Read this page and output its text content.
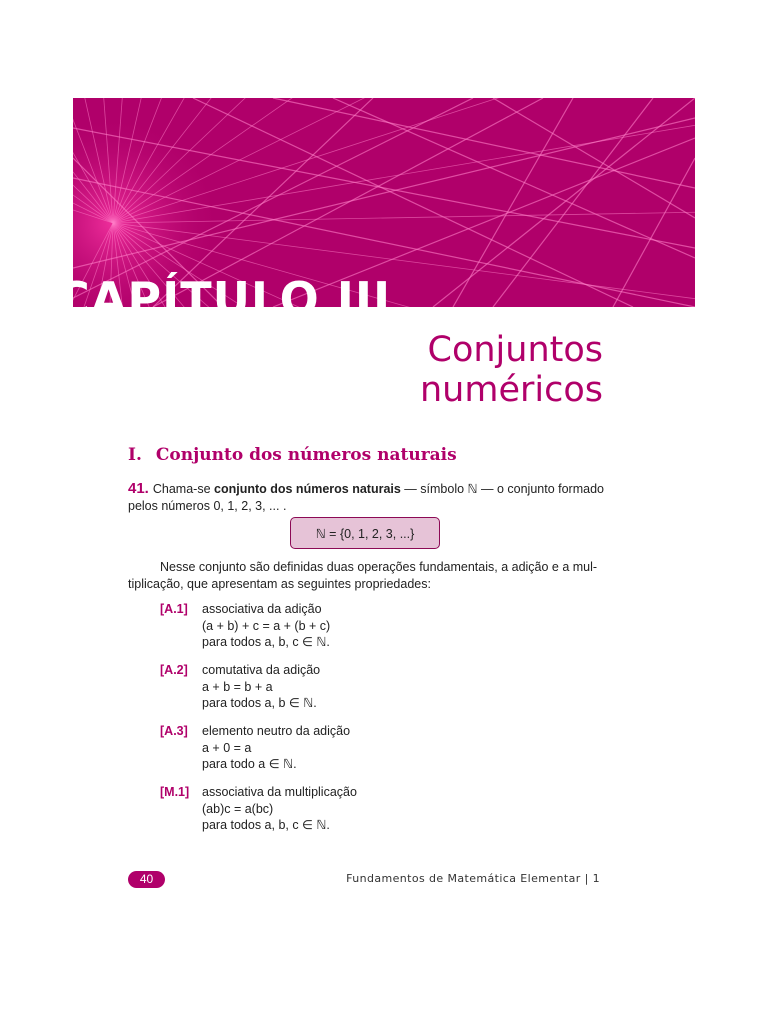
CAPÍTULO III
Conjuntos
numéricos
I. Conjunto dos números naturais

41. Chama-se conjunto dos números naturais — símbolo ℕ — o conjunto formado
pelos números 0, 1, 2, 3, ... .

ℕ = {0, 1, 2, 3, ...}

Nesse conjunto são definidas duas operações fundamentais, a adição e a mul-
tiplicação, que apresentam as seguintes propriedades:

[A.1] associativa da adição
(a + b) + c = a + (b + c)
para todos a, b, c ∈ ℕ.
[A.2] comutativa da adição
a + b = b + a
para todos a, b ∈ ℕ.
[A.3] elemento neutro da adição
a + 0 = a
para todo a ∈ ℕ.
[M.1] associativa da multiplicação
(ab)c = a(bc)
para todos a, b, c ∈ ℕ.
40	Fundamentos de Matemática Elementar | 1
